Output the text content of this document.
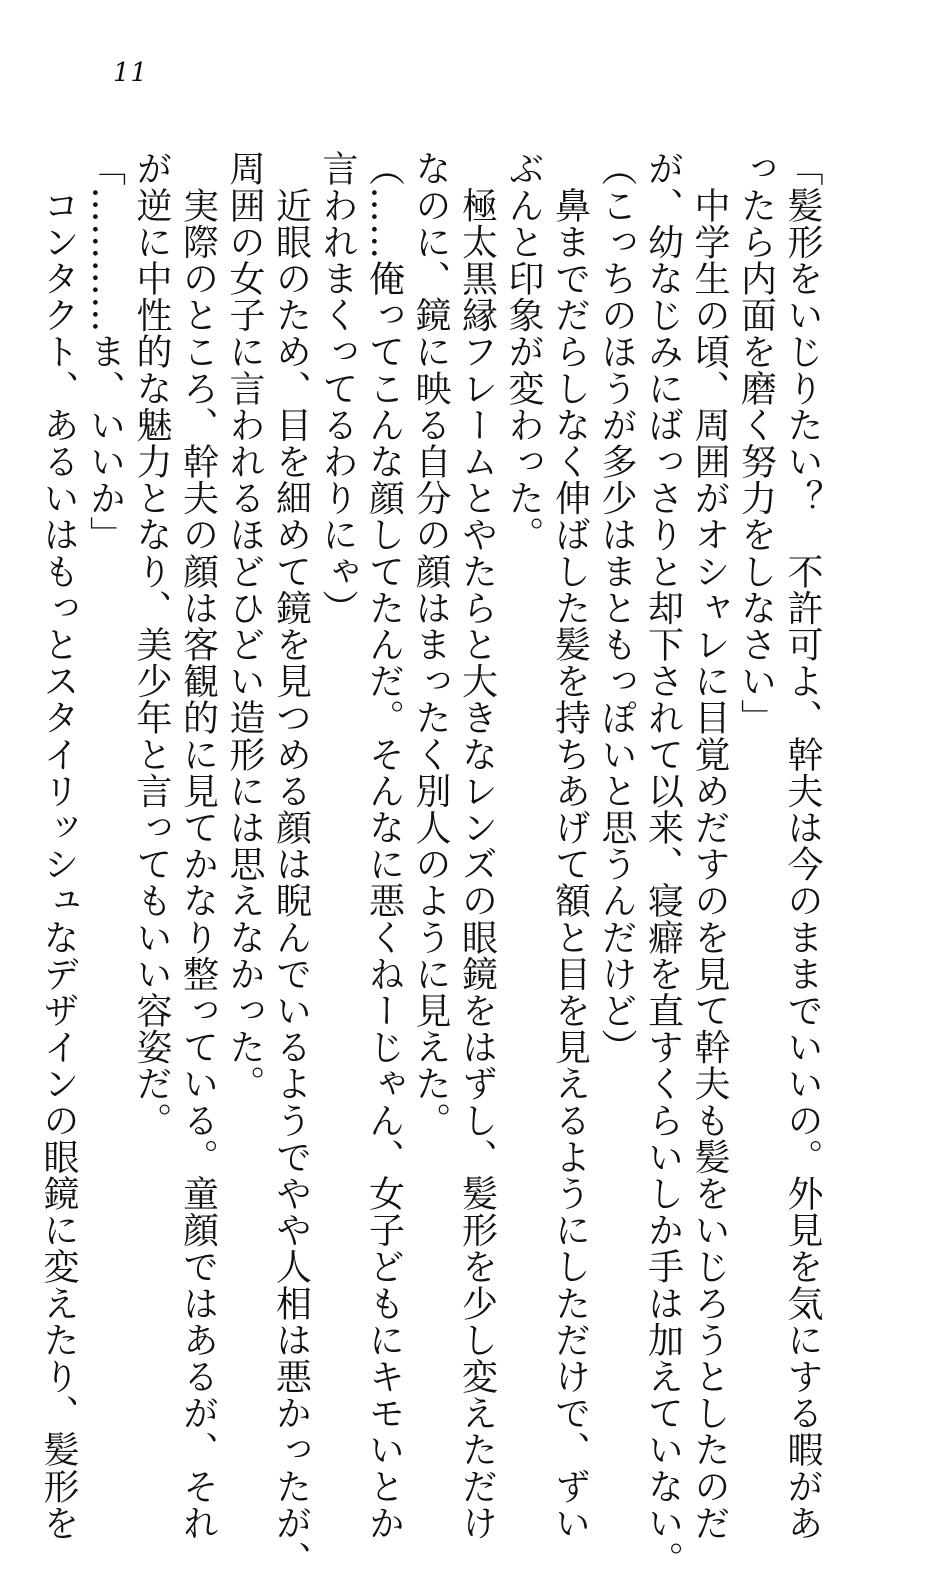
11
「髪形をいじりたい？　不許可よ、幹夫は今のままでいいの。外見を気にする暇があ
ったら内面を磨く努力をしなさい」
　中学生の頃、周囲がオシャレに目覚めだすのを見て幹夫も髪をいじろうとしたのだ
が、幼なじみにばっさりと却下されて以来、寝癖を直すくらいしか手は加えていない。
（こっちのほうが多少はまともっぽいと思うんだけど）
　鼻までだらしなく伸ばした髪を持ちあげて額と目を見えるようにしただけで、ずい
ぶんと印象が変わった。
　極太黒縁フレームとやたらと大きなレンズの眼鏡をはずし、髪形を少し変えただけ
なのに、鏡に映る自分の顔はまったく別人のように見えた。
（……俺ってこんな顔してたんだ。そんなに悪くねーじゃん、女子どもにキモいとか
言われまくってるわりにゃ）
　近眼のため、目を細めて鏡を見つめる顔は睨んでいるようでやや人相は悪かったが、
周囲の女子に言われるほどひどい造形には思えなかった。
　実際のところ、幹夫の顔は客観的に見てかなり整っている。童顔ではあるが、それ
が逆に中性的な魅力となり、美少年と言ってもいい容姿だ。
「…………ま、いいか」
　コンタクト、あるいはもっとスタイリッシュなデザインの眼鏡に変えたり、髪形を
